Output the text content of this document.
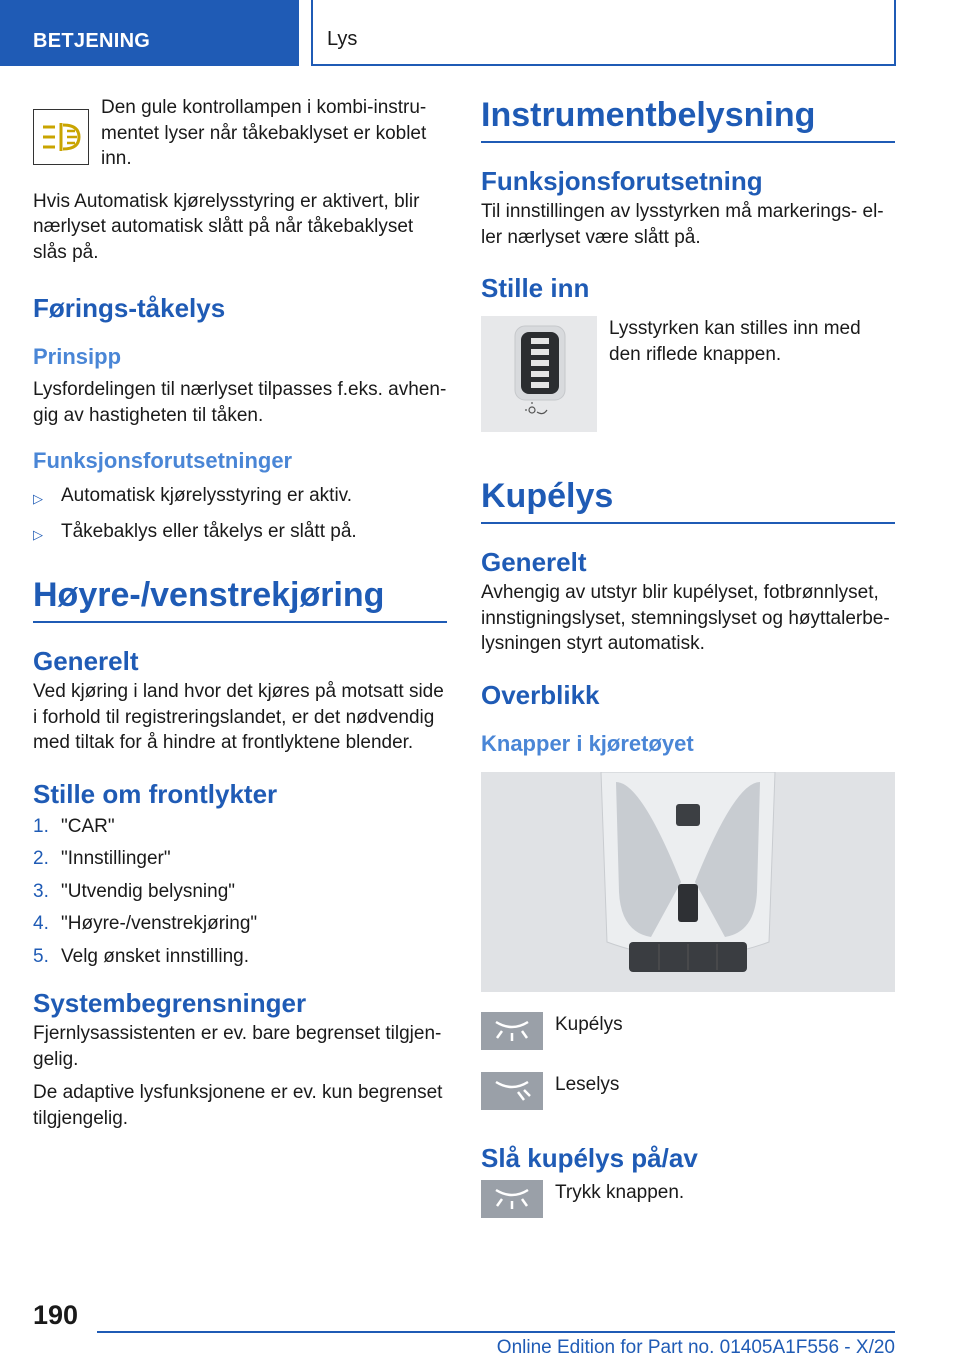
BETJENING	Lys

Den gule kontrollampen i kombi-instru-mentet lyser når tåkebaklyset er koblet inn.

Hvis Automatisk kjørelysstyring er aktivert, blir nærlyset automatisk slått på når tåkebaklyset slås på.

Førings-tåkelys
Prinsipp

Lysfordelingen til nærlyset tilpasses f.eks. avhen-gig av hastigheten til tåken.

Funksjonsforutsetninger
▷ Automatisk kjørelysstyring er aktiv.
▷ Tåkebaklys eller tåkelys er slått på.
Høyre-/venstrekjøring
Generelt

Ved kjøring i land hvor det kjøres på motsatt side i forhold til registreringslandet, er det nødvendig med tiltak for å hindre at frontlyktene blender.

Stille om frontlykter
1. "CAR"
2. "Innstillinger"
3. "Utvendig belysning"
4. "Høyre-/venstrekjøring"
5. Velg ønsket innstilling.
Systembegrensninger

Fjernlysassistenten er ev. bare begrenset tilgjen-gelig.

De adaptive lysfunksjonene er ev. kun begrenset tilgjengelig.

Instrumentbelysning
Funksjonsforutsetning

Til innstillingen av lysstyrken må markerings- el-ler nærlyset være slått på.

Stille inn

Lysstyrken kan stilles inn med den riflede knappen.

Kupélys
Generelt

Avhengig av utstyr blir kupélyset, fotbrønnlyset, innstigningslyset, stemningslyset og høyttalerbe-lysningen styrt automatisk.

Overblikk
Knapper i kjøretøyet

Kupélys

Leselys

Slå kupélys på/av

Trykk knappen.

190
Online Edition for Part no. 01405A1F556 - X/20
